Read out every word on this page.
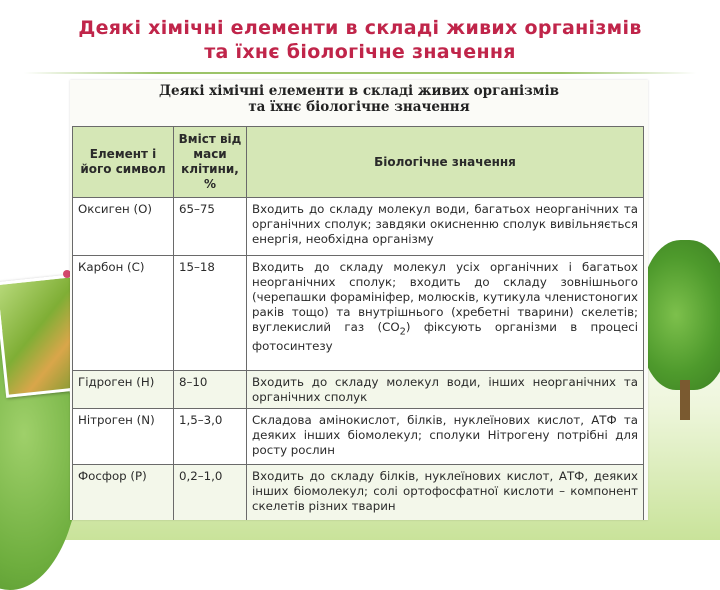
Деякі хімічні елементи в складі живих організмів
та їхнє біологічне значення
Деякі хімічні елементи в складі живих організмів
та їхнє біологічне значення
Елемент і його символ	Вміст від маси клітини, %	Біологічне значення
Оксиген (О)	65–75	Входить до складу молекул води, багатьох неорганічних та органічних сполук; завдяки окисненню сполук вивільняється енергія, необхідна організму
Карбон (С)	15–18	Входить до складу молекул усіх органічних і багатьох неорганічних сполук; входить до складу зовнішнього (черепашки форамініфер, молюсків, кутикула членистоногих раків тощо) та внутрішнього (хребетні тварини) скелетів; вуглекислий газ $(СО_2)$ фіксують організми в процесі фотосинтезу
Гідроген (Н)	8–10	Входить до складу молекул води, інших неорганічних та органічних сполук
Нітроген (N)	1,5–3,0	Складова амінокислот, білків, нуклеїнових кислот, АТФ та деяких інших біомолекул; сполуки Нітрогену потрібні для росту рослин
Фосфор (Р)	0,2–1,0	Входить до складу білків, нуклеїнових кислот, АТФ, деяких інших біомолекул; солі ортофосфатної кислоти – компонент скелетів різних тварин
